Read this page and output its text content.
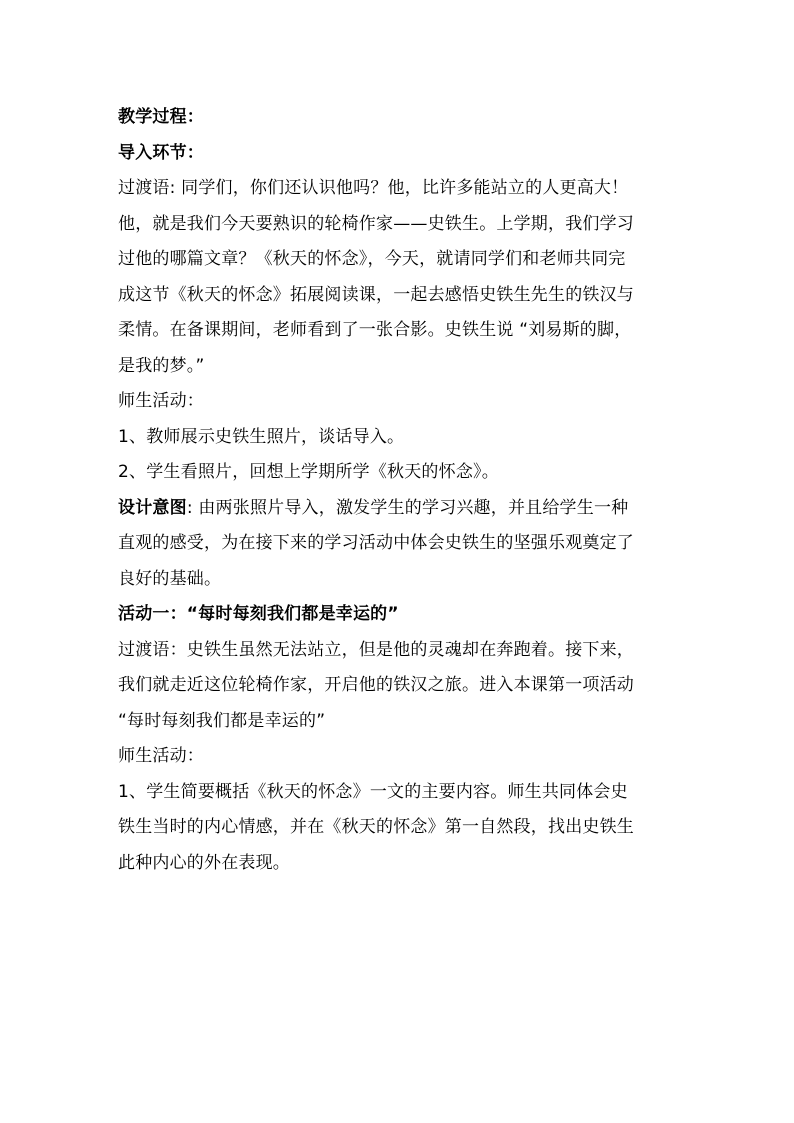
教学过程：
导入环节：
过渡语: 同学们，你们还认识他吗？他，比许多能站立的人更高大！
他，就是我们今天要熟识的轮椅作家——史铁生。上学期，我们学习
过他的哪篇文章？《秋天的怀念》，今天，就请同学们和老师共同完
成这节《秋天的怀念》拓展阅读课，一起去感悟史铁生先生的铁汉与
柔情。在备课期间，老师看到了一张合影。史铁生说 “刘易斯的脚，
是我的梦。”
师生活动：
1、教师展示史铁生照片，谈话导入。
2、学生看照片，回想上学期所学《秋天的怀念》。
设计意图: 由两张照片导入，激发学生的学习兴趣，并且给学生一种
直观的感受，为在接下来的学习活动中体会史铁生的坚强乐观奠定了
良好的基础。
活动一：“每时每刻我们都是幸运的”
过渡语：史铁生虽然无法站立，但是他的灵魂却在奔跑着。接下来，
我们就走近这位轮椅作家，开启他的铁汉之旅。进入本课第一项活动
“每时每刻我们都是幸运的”
师生活动：
1、学生简要概括《秋天的怀念》一文的主要内容。师生共同体会史
铁生当时的内心情感，并在《秋天的怀念》第一自然段，找出史铁生
此种内心的外在表现。
